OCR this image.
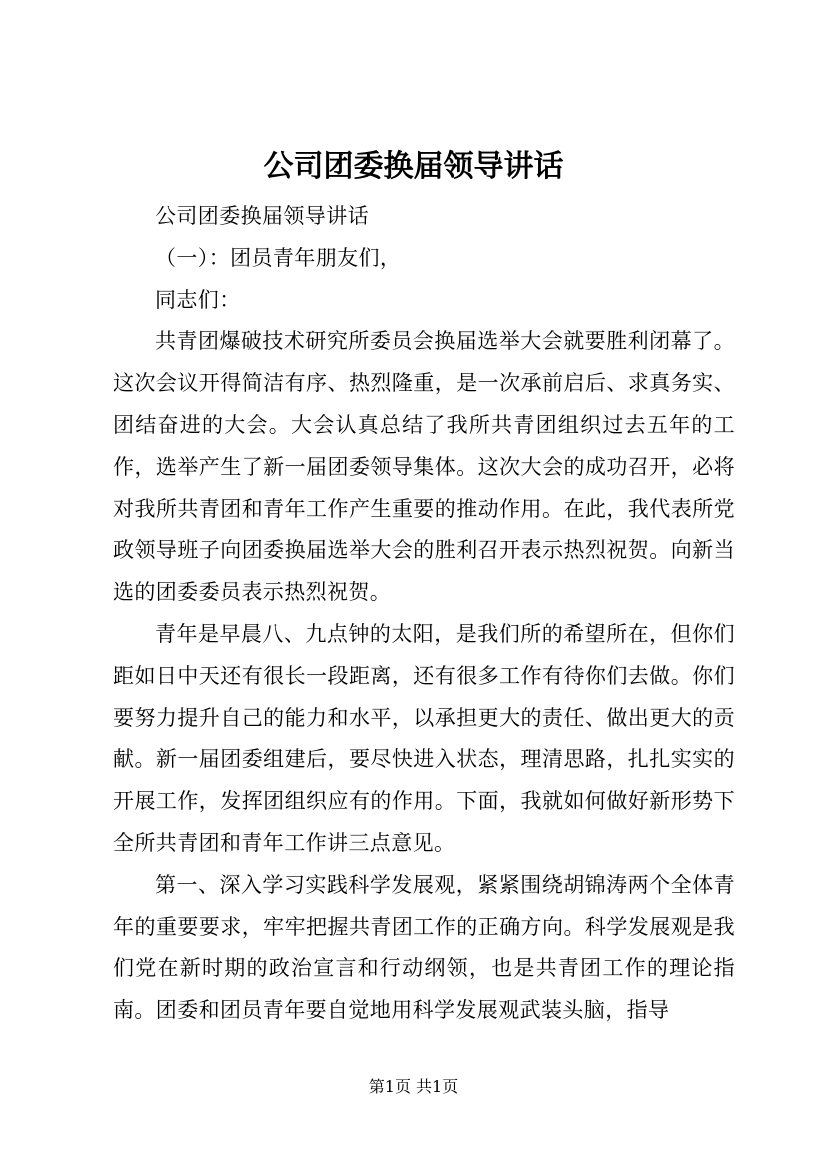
公司团委换届领导讲话

公司团委换届领导讲话

（一）：团员青年朋友们，

同志们：

共青团爆破技术研究所委员会换届选举大会就要胜利闭幕了。这次会议开得简洁有序、热烈隆重，是一次承前启后、求真务实、团结奋进的大会。大会认真总结了我所共青团组织过去五年的工作，选举产生了新一届团委领导集体。这次大会的成功召开，必将对我所共青团和青年工作产生重要的推动作用。在此，我代表所党政领导班子向团委换届选举大会的胜利召开表示热烈祝贺。向新当选的团委委员表示热烈祝贺。

青年是早晨八、九点钟的太阳，是我们所的希望所在，但你们距如日中天还有很长一段距离，还有很多工作有待你们去做。你们要努力提升自己的能力和水平，以承担更大的责任、做出更大的贡献。新一届团委组建后，要尽快进入状态，理清思路，扎扎实实的开展工作，发挥团组织应有的作用。下面，我就如何做好新形势下全所共青团和青年工作讲三点意见。

第一、深入学习实践科学发展观，紧紧围绕胡锦涛两个全体青年的重要要求，牢牢把握共青团工作的正确方向。科学发展观是我们党在新时期的政治宣言和行动纲领，也是共青团工作的理论指南。团委和团员青年要自觉地用科学发展观武装头脑，指导

第1页 共1页
